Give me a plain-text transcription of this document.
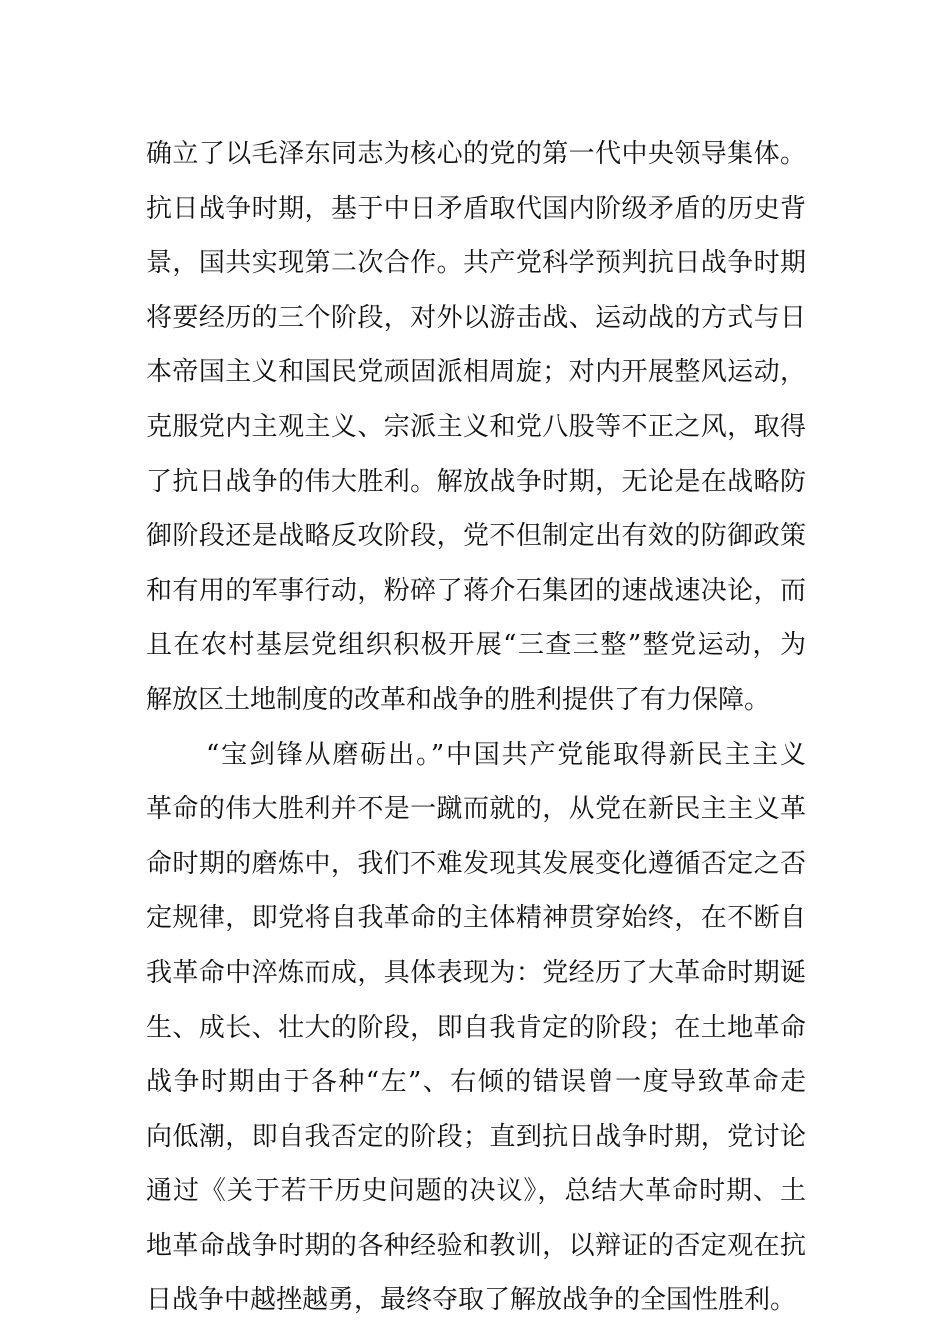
确立了以毛泽东同志为核心的党的第一代中央领导集体。
抗日战争时期，基于中日矛盾取代国内阶级矛盾的历史背
景，国共实现第二次合作。共产党科学预判抗日战争时期
将要经历的三个阶段，对外以游击战、运动战的方式与日
本帝国主义和国民党顽固派相周旋；对内开展整风运动，
克服党内主观主义、宗派主义和党八股等不正之风，取得
了抗日战争的伟大胜利。解放战争时期，无论是在战略防
御阶段还是战略反攻阶段，党不但制定出有效的防御政策
和有用的军事行动，粉碎了蒋介石集团的速战速决论，而
且在农村基层党组织积极开展“三查三整”整党运动，为
解放区土地制度的改革和战争的胜利提供了有力保障。
“宝剑锋从磨砺出。”中国共产党能取得新民主主义
革命的伟大胜利并不是一蹴而就的，从党在新民主主义革
命时期的磨炼中，我们不难发现其发展变化遵循否定之否
定规律，即党将自我革命的主体精神贯穿始终，在不断自
我革命中淬炼而成，具体表现为：党经历了大革命时期诞
生、成长、壮大的阶段，即自我肯定的阶段；在土地革命
战争时期由于各种“左”、右倾的错误曾一度导致革命走
向低潮，即自我否定的阶段；直到抗日战争时期，党讨论
通过《关于若干历史问题的决议》，总结大革命时期、土
地革命战争时期的各种经验和教训，以辩证的否定观在抗
日战争中越挫越勇，最终夺取了解放战争的全国性胜利。
